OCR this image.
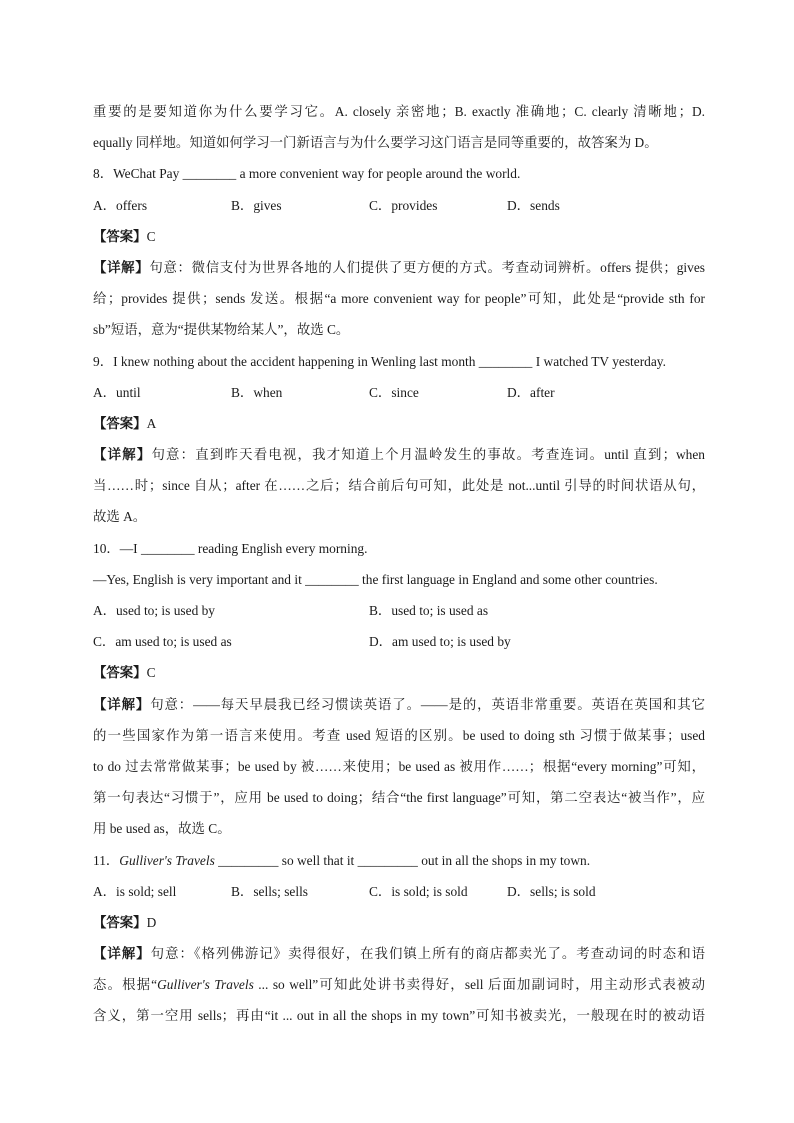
重要的是要知道你为什么要学习它。A. closely 亲密地；B. exactly 准确地；C. clearly 清晰地；D.
equally 同样地。知道如何学习一门新语言与为什么要学习这门语言是同等重要的，故答案为 D。
8．WeChat Pay ________ a more convenient way for people around the world.
A．offers	B．gives	C．provides	D．sends
【答案】C
【详解】句意：微信支付为世界各地的人们提供了更方便的方式。考查动词辨析。offers 提供；gives
给；provides 提供；sends 发送。根据“a more convenient way for people”可知，此处是“provide sth for
sb”短语，意为“提供某物给某人”，故选 C。
9．I knew nothing about the accident happening in Wenling last month ________ I watched TV yesterday.
A．until	B．when	C．since	D．after
【答案】A
【详解】句意：直到昨天看电视，我才知道上个月温岭发生的事故。考查连词。until 直到；when
当……时；since 自从；after 在……之后；结合前后句可知，此处是 not...until 引导的时间状语从句，
故选 A。
10．—I ________ reading English every morning.
—Yes, English is very important and it ________ the first language in England and some other countries.
A．used to; is used by	B．used to; is used as
C．am used to; is used as	D．am used to; is used by
【答案】C
【详解】句意：——每天早晨我已经习惯读英语了。——是的，英语非常重要。英语在英国和其它
的一些国家作为第一语言来使用。考查 used 短语的区别。be used to doing sth 习惯于做某事；used
to do 过去常常做某事；be used by 被……来使用；be used as 被用作……；根据“every morning”可知，
第一句表达“习惯于”，应用 be used to doing；结合“the first language”可知，第二空表达“被当作”，应
用 be used as，故选 C。
11．Gulliver's Travels _________ so well that it _________ out in all the shops in my town.
A．is sold; sell	B．sells; sells	C．is sold; is sold	D．sells; is sold
【答案】D
【详解】句意：《格列佛游记》卖得很好，在我们镇上所有的商店都卖光了。考查动词的时态和语
态。根据“Gulliver's Travels ... so well”可知此处讲书卖得好，sell 后面加副词时，用主动形式表被动
含义，第一空用 sells；再由“it ... out in all the shops in my town”可知书被卖光，一般现在时的被动语
